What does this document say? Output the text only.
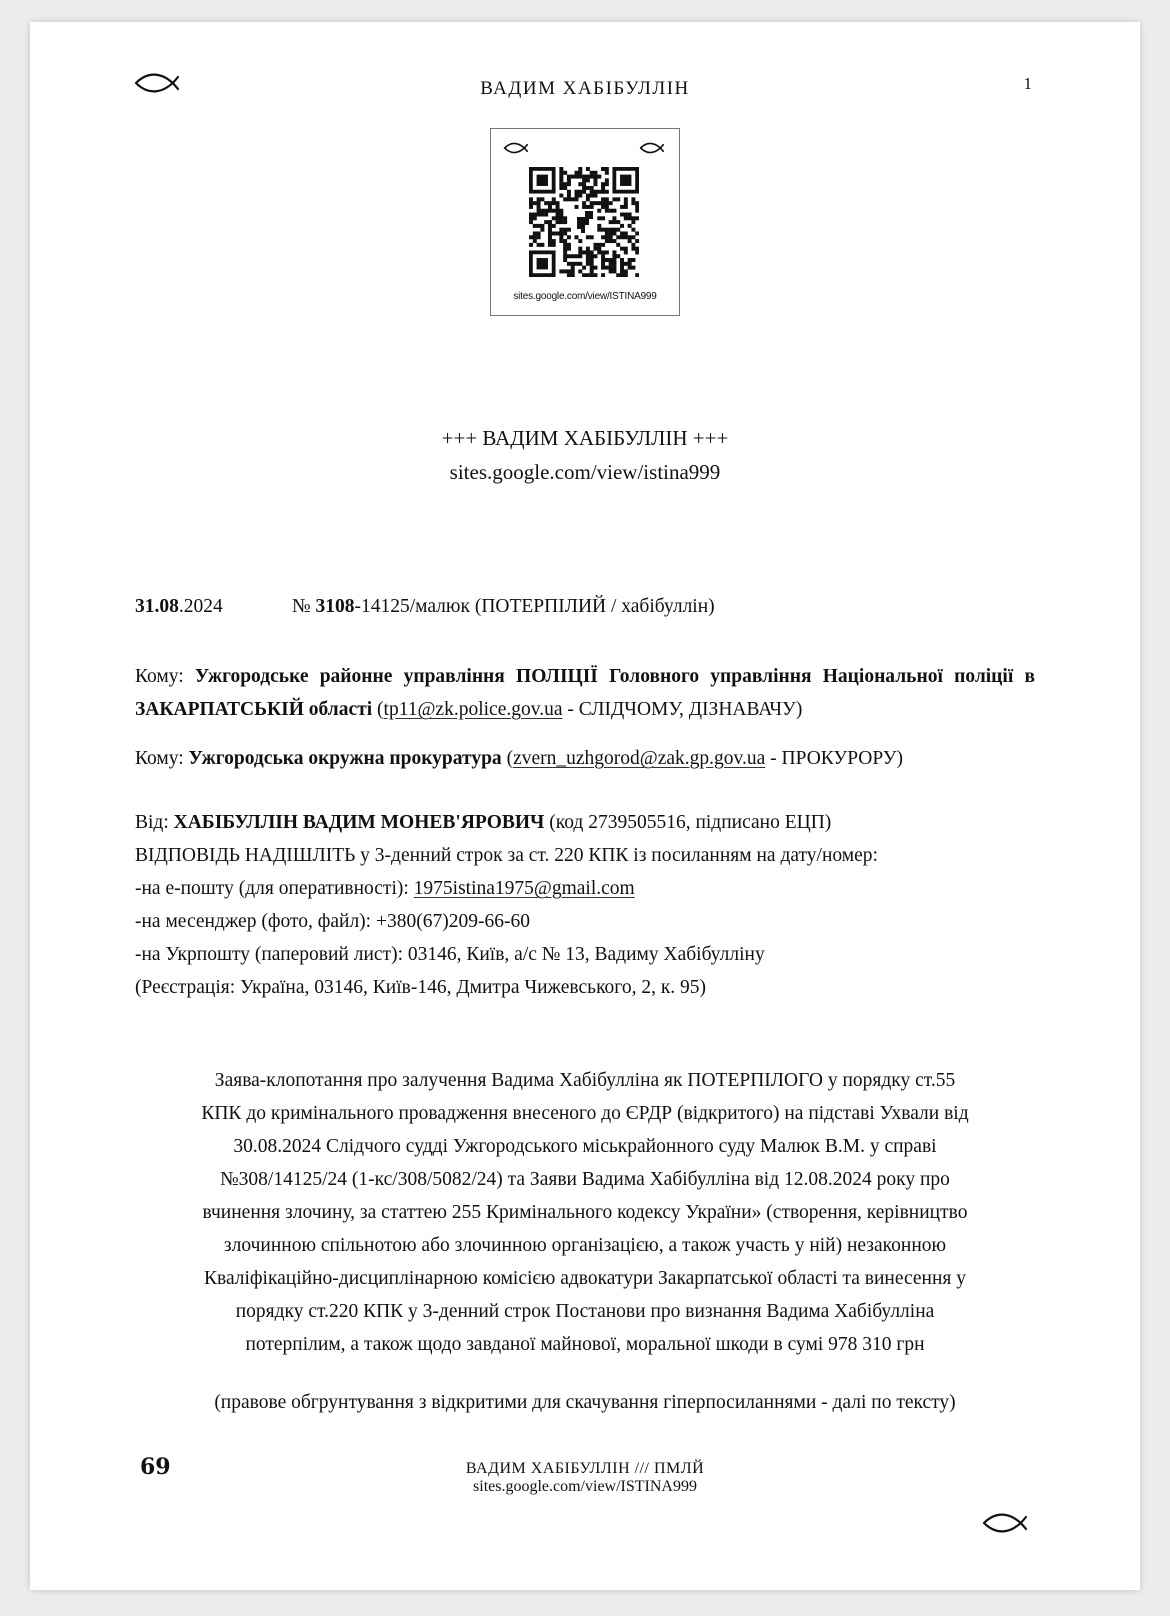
ВАДИМ ХАБІБУЛЛІН	1
sites.google.com/view/ISTINA999
+++ ВАДИМ ХАБІБУЛЛІН +++
sites.google.com/view/istina999
31.08.2024	№ 3108-14125/малюк (ПОТЕРПІЛИЙ / хабібуллін)
Кому: Ужгородське районне управління ПОЛІЦІЇ Головного управління Національної поліції в ЗАКАРПАТСЬКІЙ області (tp11@zk.police.gov.ua - СЛІДЧОМУ, ДІЗНАВАЧУ)
Кому: Ужгородська окружна прокуратура (zvern_uzhgorod@zak.gp.gov.ua - ПРОКУРОРУ)
Від: ХАБІБУЛЛІН ВАДИМ МОНЕВ'ЯРОВИЧ (код 2739505516, підписано ЕЦП)
ВІДПОВІДЬ НАДІШЛІТЬ у 3-денний строк за ст. 220 КПК із посиланням на дату/номер:
-на е-пошту (для оперативності): 1975istina1975@gmail.com
-на месенджер (фото, файл): +380(67)209-66-60
-на Укрпошту (паперовий лист): 03146, Київ, а/с № 13, Вадиму Хабібулліну
(Реєстрація: Україна, 03146, Київ-146, Дмитра Чижевського, 2, к. 95)
Заява-клопотання про залучення Вадима Хабібулліна як ПОТЕРПІЛОГО у порядку ст.55
КПК до кримінального провадження внесеного до ЄРДР (відкритого) на підставі Ухвали від
30.08.2024 Слідчого судді Ужгородського міськрайонного суду Малюк В.М. у справі
№308/14125/24 (1-кс/308/5082/24) та Заяви Вадима Хабібулліна від 12.08.2024 року про
вчинення злочину, за статтею 255 Кримінального кодексу України» (створення, керівництво
злочинною спільнотою або злочинною організацією, а також участь у ній) незаконною
Кваліфікаційно-дисциплінарною комісією адвокатури Закарпатської області та винесення у
порядку ст.220 КПК у 3-денний строк Постанови про визнання Вадима Хабібулліна
потерпілим, а також щодо завданої майнової, моральної шкоди в сумі 978 310 грн
(правове обгрунтування з відкритими для скачування гіперпосиланнями - далі по тексту)
69	ВАДИМ ХАБІБУЛЛІН /// ПМЛЙ
sites.google.com/view/ISTINA999
